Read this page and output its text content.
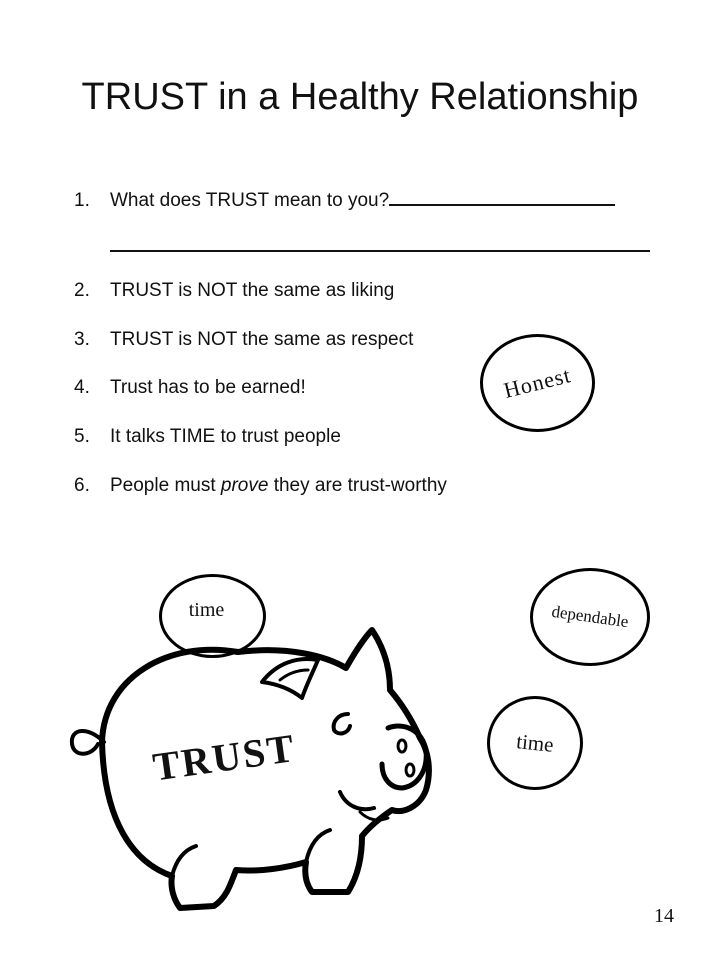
TRUST in a Healthy Relationship
1. What does TRUST mean to you?
2. TRUST is NOT the same as liking
3. TRUST is NOT the same as respect
4. Trust has to be earned!
5. It talks TIME to trust people
6. People must prove they are trust-worthy
Honest
time	dependable
time
TRUST
14
